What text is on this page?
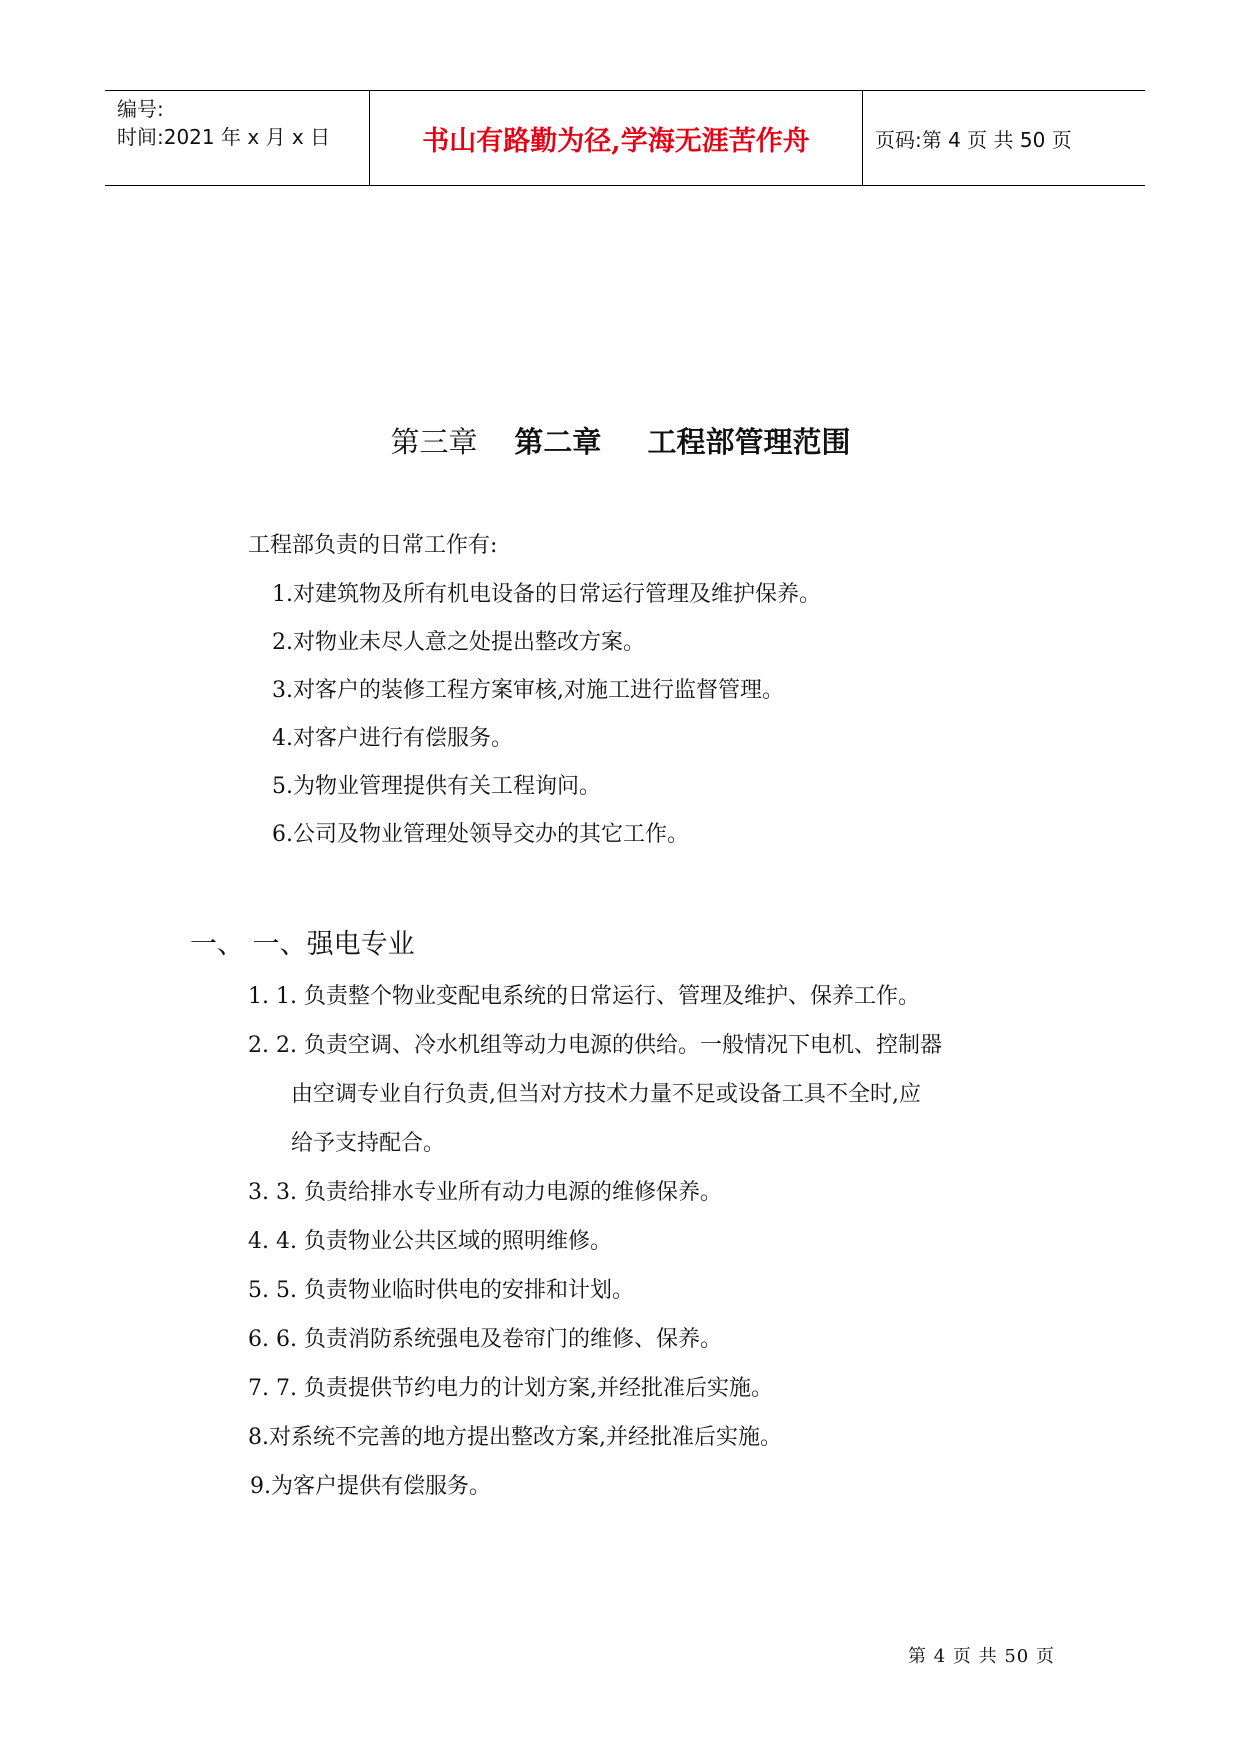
编号:
时间:2021 年 x 月 x 日	书山有路勤为径,学海无涯苦作舟	页码:第 4 页 共 50 页
第三章 第二章 工程部管理范围
工程部负责的日常工作有:
1.对建筑物及所有机电设备的日常运行管理及维护保养。
2.对物业未尽人意之处提出整改方案。
3.对客户的装修工程方案审核,对施工进行监督管理。
4.对客户进行有偿服务。
5.为物业管理提供有关工程询问。
6.公司及物业管理处领导交办的其它工作。
一、 一、强电专业
1. 1. 负责整个物业变配电系统的日常运行、管理及维护、保养工作。
2. 2. 负责空调、冷水机组等动力电源的供给。一般情况下电机、控制器
由空调专业自行负责,但当对方技术力量不足或设备工具不全时,应
给予支持配合。
3. 3. 负责给排水专业所有动力电源的维修保养。
4. 4. 负责物业公共区域的照明维修。
5. 5. 负责物业临时供电的安排和计划。
6. 6. 负责消防系统强电及卷帘门的维修、保养。
7. 7. 负责提供节约电力的计划方案,并经批准后实施。
8.对系统不完善的地方提出整改方案,并经批准后实施。
9.为客户提供有偿服务。
第 4 页 共 50 页
